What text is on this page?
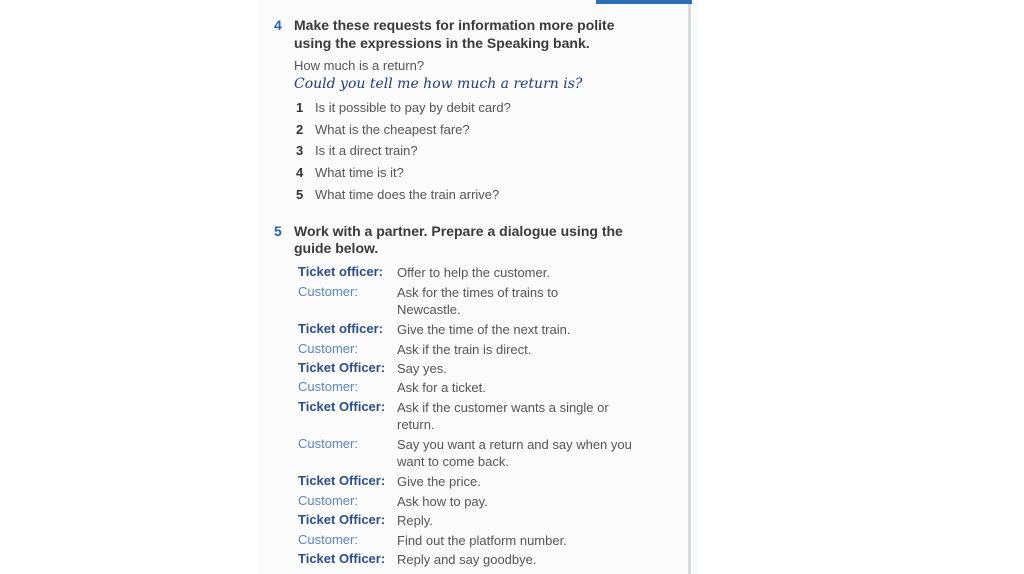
4 Make these requests for information more polite
using the expressions in the Speaking bank.
How much is a return?
Could you tell me how much a return is?
1 Is it possible to pay by debit card?
2 What is the cheapest fare?
3 Is it a direct train?
4 What time is it?
5 What time does the train arrive?
5 Work with a partner. Prepare a dialogue using the
guide below.
Ticket officer: Offer to help the customer.
Customer:	Ask for the times of trains to Newcastle.
Ticket officer: Give the time of the next train.
Customer:	Ask if the train is direct.
Ticket Officer: Say yes.
Customer:	Ask for a ticket.
Ticket Officer: Ask if the customer wants a single or return.
Customer:	Say you want a return and say when you want to come back.
Ticket Officer: Give the price.
Customer:	Ask how to pay.
Ticket Officer: Reply.
Customer:	Find out the platform number.
Ticket Officer: Reply and say goodbye.
